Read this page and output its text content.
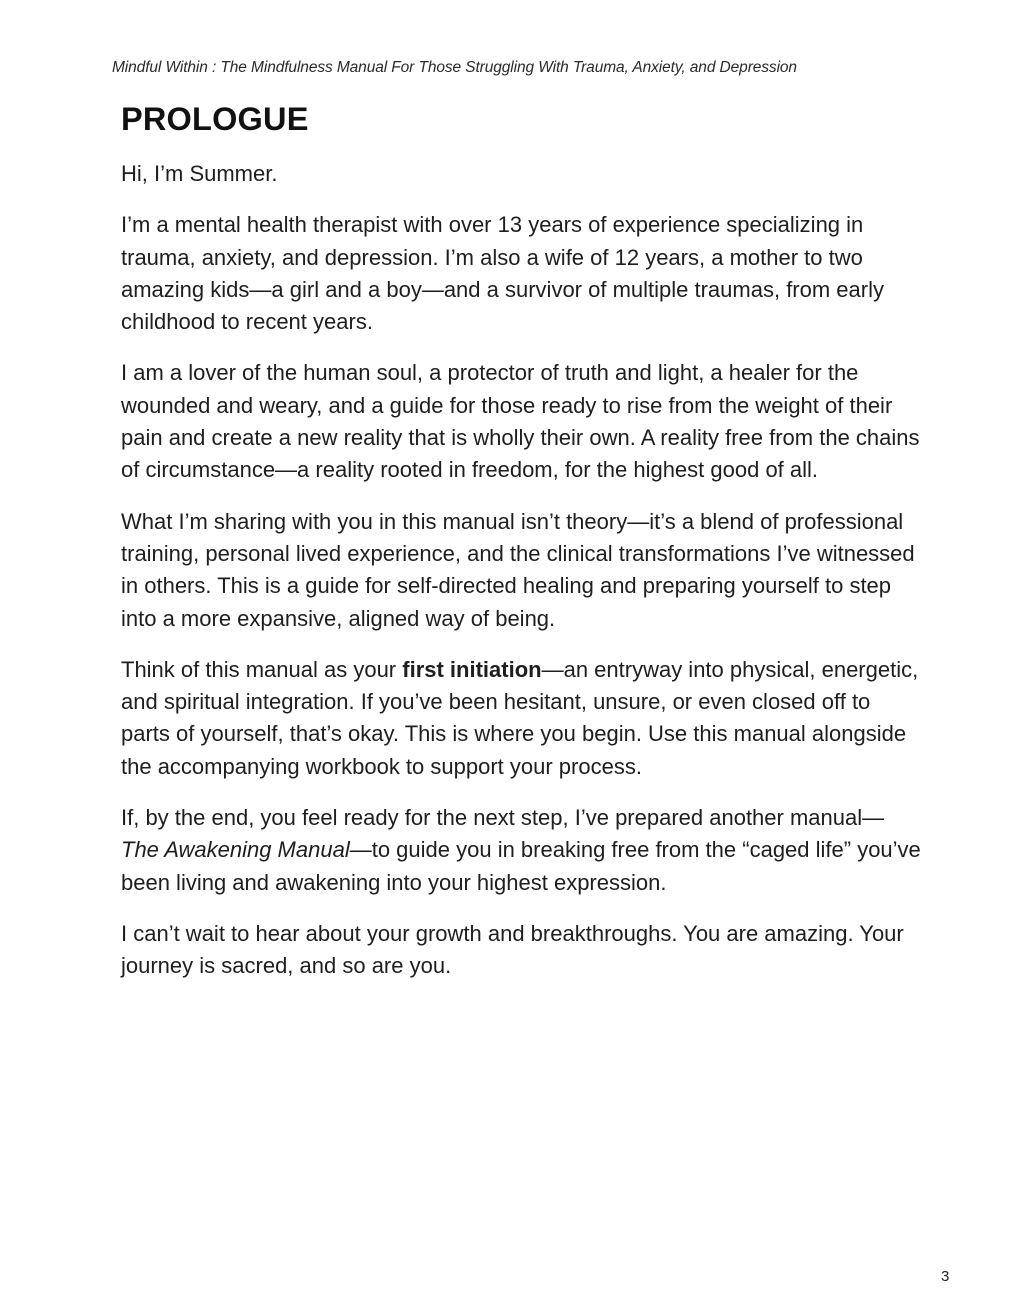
Mindful Within : The Mindfulness Manual For Those Struggling With Trauma, Anxiety, and Depression
PROLOGUE

Hi, I’m Summer.

I’m a mental health therapist with over 13 years of experience specializing in trauma, anxiety, and depression. I’m also a wife of 12 years, a mother to two amazing kids—a girl and a boy—and a survivor of multiple traumas, from early childhood to recent years.

I am a lover of the human soul, a protector of truth and light, a healer for the wounded and weary, and a guide for those ready to rise from the weight of their pain and create a new reality that is wholly their own. A reality free from the chains of circumstance—a reality rooted in freedom, for the highest good of all.

What I’m sharing with you in this manual isn’t theory—it’s a blend of professional training, personal lived experience, and the clinical transformations I’ve witnessed in others. This is a guide for self-directed healing and preparing yourself to step into a more expansive, aligned way of being.

Think of this manual as your first initiation—an entryway into physical, energetic, and spiritual integration. If you’ve been hesitant, unsure, or even closed off to parts of yourself, that’s okay. This is where you begin. Use this manual alongside the accompanying workbook to support your process.

If, by the end, you feel ready for the next step, I’ve prepared another manual—The Awakening Manual—to guide you in breaking free from the “caged life” you’ve been living and awakening into your highest expression.

I can’t wait to hear about your growth and breakthroughs. You are amazing. Your journey is sacred, and so are you.

3
